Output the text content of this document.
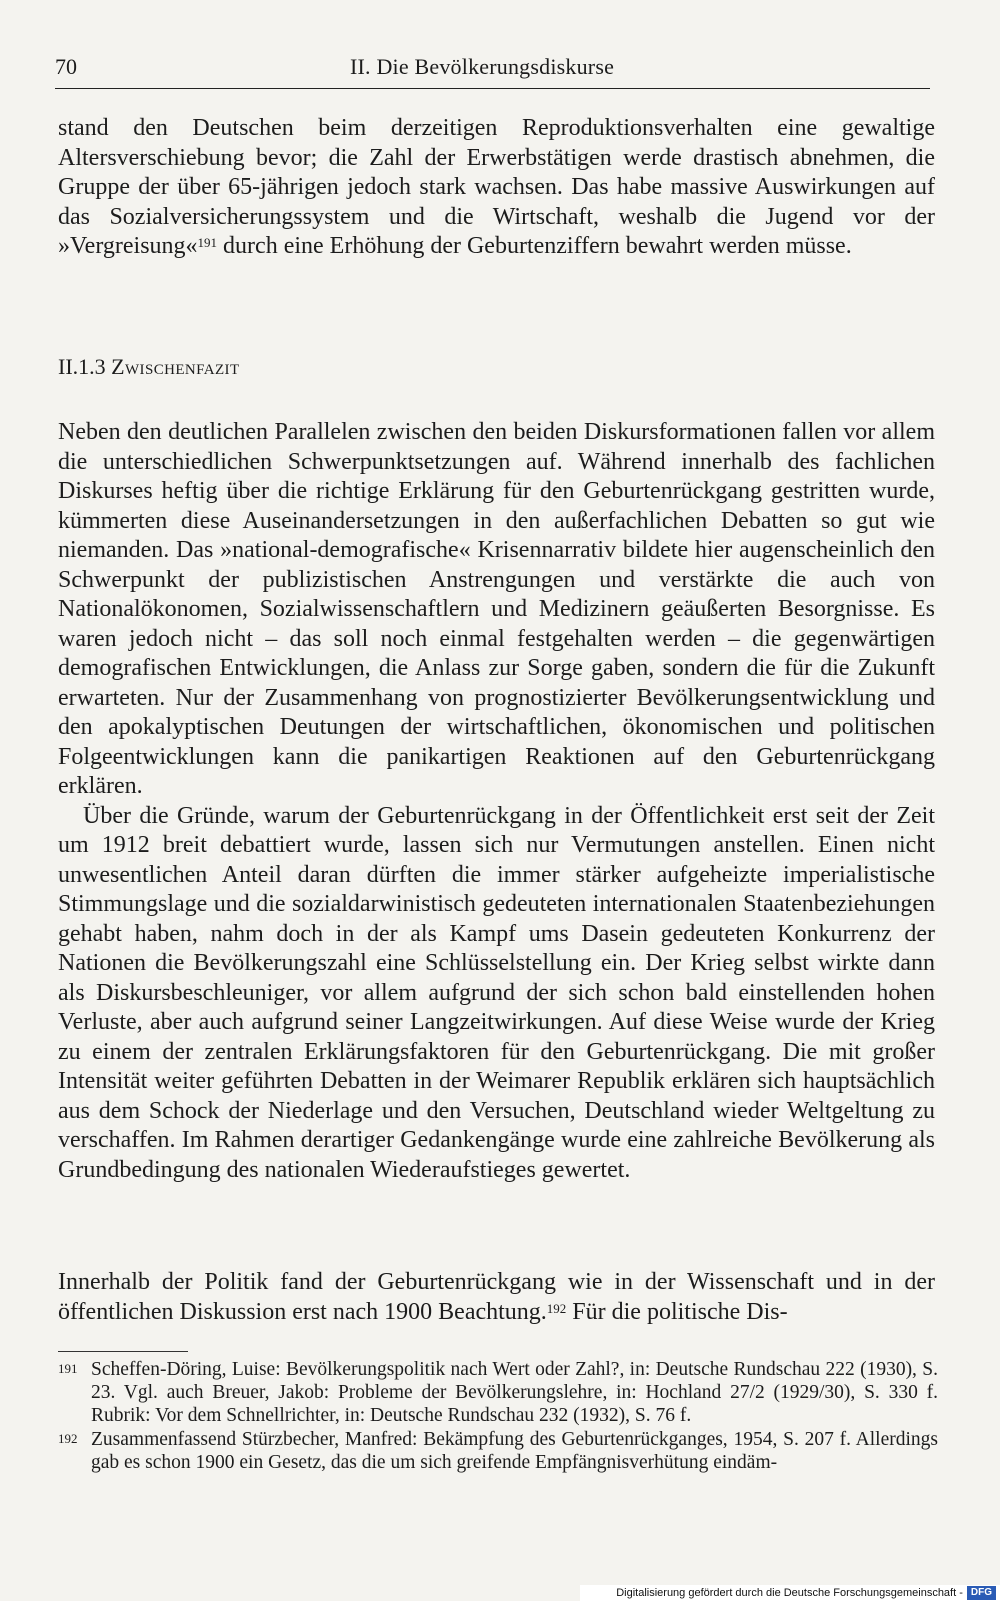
70	II. Die Bevölkerungsdiskurse

stand den Deutschen beim derzeitigen Reproduktionsverhalten eine gewaltige Altersverschiebung bevor; die Zahl der Erwerbstätigen werde drastisch abnehmen, die Gruppe der über 65-jährigen jedoch stark wachsen. Das habe massive Auswirkungen auf das Sozialversicherungssystem und die Wirtschaft, weshalb die Jugend vor der »Vergreisung«$^{191}$ durch eine Erhöhung der Geburtenziffern bewahrt werden müsse.

II.1.3 Zwischenfazit

Neben den deutlichen Parallelen zwischen den beiden Diskursformationen fallen vor allem die unterschiedlichen Schwerpunktsetzungen auf. Während innerhalb des fachlichen Diskurses heftig über die richtige Erklärung für den Geburtenrückgang gestritten wurde, kümmerten diese Auseinandersetzungen in den außerfachlichen Debatten so gut wie niemanden. Das »national-demografische« Krisennarrativ bildete hier augenscheinlich den Schwerpunkt der publizistischen Anstrengungen und verstärkte die auch von Nationalökonomen, Sozialwissenschaftlern und Medizinern geäußerten Besorgnisse. Es waren jedoch nicht – das soll noch einmal festgehalten werden – die gegenwärtigen demografischen Entwicklungen, die Anlass zur Sorge gaben, sondern die für die Zukunft erwarteten. Nur der Zusammenhang von prognostizierter Bevölkerungsentwicklung und den apokalyptischen Deutungen der wirtschaftlichen, ökonomischen und politischen Folgeentwicklungen kann die panikartigen Reaktionen auf den Geburtenrückgang erklären.

Über die Gründe, warum der Geburtenrückgang in der Öffentlichkeit erst seit der Zeit um 1912 breit debattiert wurde, lassen sich nur Vermutungen anstellen. Einen nicht unwesentlichen Anteil daran dürften die immer stärker aufgeheizte imperialistische Stimmungslage und die sozialdarwinistisch gedeuteten internationalen Staatenbeziehungen gehabt haben, nahm doch in der als Kampf ums Dasein gedeuteten Konkurrenz der Nationen die Bevölkerungszahl eine Schlüsselstellung ein. Der Krieg selbst wirkte dann als Diskursbeschleuniger, vor allem aufgrund der sich schon bald einstellenden hohen Verluste, aber auch aufgrund seiner Langzeitwirkungen. Auf diese Weise wurde der Krieg zu einem der zentralen Erklärungsfaktoren für den Geburtenrückgang. Die mit großer Intensität weiter geführten Debatten in der Weimarer Republik erklären sich hauptsächlich aus dem Schock der Niederlage und den Versuchen, Deutschland wieder Weltgeltung zu verschaffen. Im Rahmen derartiger Gedankengänge wurde eine zahlreiche Bevölkerung als Grundbedingung des nationalen Wiederaufstieges gewertet.

Innerhalb der Politik fand der Geburtenrückgang wie in der Wissenschaft und in der öffentlichen Diskussion erst nach 1900 Beachtung.$^{192}$ Für die politische Dis-

191 Scheffen-Döring, Luise: Bevölkerungspolitik nach Wert oder Zahl?, in: Deutsche Rundschau 222 (1930), S. 23. Vgl. auch Breuer, Jakob: Probleme der Bevölkerungslehre, in: Hochland 27/2 (1929/30), S. 330 f. Rubrik: Vor dem Schnellrichter, in: Deutsche Rundschau 232 (1932), S. 76 f.

192 Zusammenfassend Stürzbecher, Manfred: Bekämpfung des Geburtenrückganges, 1954, S. 207 f. Allerdings gab es schon 1900 ein Gesetz, das die um sich greifende Empfängnisverhütung eindäm-

Digitalisierung gefördert durch die Deutsche Forschungsgemeinschaft - DFG
